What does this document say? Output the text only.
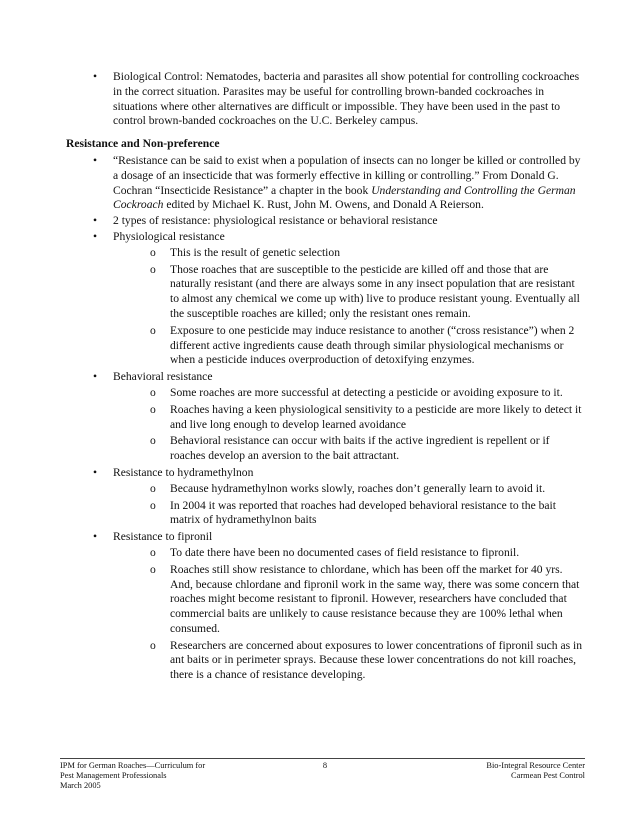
• Biological Control: Nematodes, bacteria and parasites all show potential for controlling cockroaches in the correct situation. Parasites may be useful for controlling brown-banded cockroaches in situations where other alternatives are difficult or impossible. They have been used in the past to control brown-banded cockroaches on the U.C. Berkeley campus.
Resistance and Non-preference
• “Resistance can be said to exist when a population of insects can no longer be killed or controlled by a dosage of an insecticide that was formerly effective in killing or controlling.” From Donald G. Cochran “Insecticide Resistance” a chapter in the book Understanding and Controlling the German Cockroach edited by Michael K. Rust, John M. Owens, and Donald A Reierson.
• 2 types of resistance: physiological resistance or behavioral resistance
• Physiological resistance
o This is the result of genetic selection
o Those roaches that are susceptible to the pesticide are killed off and those that are naturally resistant (and there are always some in any insect population that are resistant to almost any chemical we come up with) live to produce resistant young. Eventually all the susceptible roaches are killed; only the resistant ones remain.
o Exposure to one pesticide may induce resistance to another (“cross resistance”) when 2 different active ingredients cause death through similar physiological mechanisms or when a pesticide induces overproduction of detoxifying enzymes.
• Behavioral resistance
o Some roaches are more successful at detecting a pesticide or avoiding exposure to it.
o Roaches having a keen physiological sensitivity to a pesticide are more likely to detect it and live long enough to develop learned avoidance
o Behavioral resistance can occur with baits if the active ingredient is repellent or if roaches develop an aversion to the bait attractant.
• Resistance to hydramethylnon
o Because hydramethylnon works slowly, roaches don’t generally learn to avoid it.
o In 2004 it was reported that roaches had developed behavioral resistance to the bait matrix of hydramethylnon baits
• Resistance to fipronil
o To date there have been no documented cases of field resistance to fipronil.
o Roaches still show resistance to chlordane, which has been off the market for 40 yrs. And, because chlordane and fipronil work in the same way, there was some concern that roaches might become resistant to fipronil. However, researchers have concluded that commercial baits are unlikely to cause resistance because they are 100% lethal when consumed.
o Researchers are concerned about exposures to lower concentrations of fipronil such as in ant baits or in perimeter sprays. Because these lower concentrations do not kill roaches, there is a chance of resistance developing.
IPM for German Roaches—Curriculum for
Pest Management Professionals
March 2005
8	Bio-Integral Resource Center
Carmean Pest Control
